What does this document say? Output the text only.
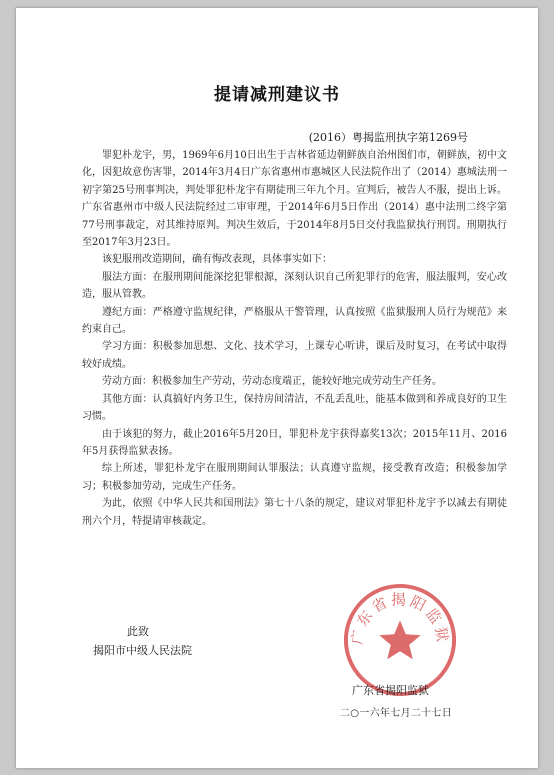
提请减刑建议书
(2016）粤揭监刑执字第1269号

罪犯朴龙宇，男，1969年6月10日出生于吉林省延边朝鲜族自治州图们市，朝鲜族，初中文化，因犯故意伤害罪，2014年3月4日广东省惠州市惠城区人民法院作出了（2014）惠城法刑一初字第25号刑事判决，判处罪犯朴龙宇有期徒刑三年九个月。宣判后，被告人不服，提出上诉。广东省惠州市中级人民法院经过二审审理，于2014年6月5日作出（2014）惠中法刑二终字第77号刑事裁定，对其维持原判。判决生效后，于2014年8月5日交付我监狱执行刑罚。刑期执行至2017年3月23日。

该犯服刑改造期间，确有悔改表现，具体事实如下：

服法方面：在服刑期间能深挖犯罪根源，深刻认识自己所犯罪行的危害，服法服判，安心改造，服从管教。

遵纪方面：严格遵守监规纪律，严格服从干警管理，认真按照《监狱服刑人员行为规范》来约束自己。

学习方面：积极参加思想、文化、技术学习，上课专心听讲，课后及时复习，在考试中取得较好成绩。

劳动方面：积极参加生产劳动，劳动态度端正，能较好地完成劳动生产任务。

其他方面：认真搞好内务卫生，保持房间清洁，不乱丢乱吐，能基本做到和养成良好的卫生习惯。

由于该犯的努力，截止2016年5月20日，罪犯朴龙宇获得嘉奖13次；2015年11月、2016年5月获得监狱表扬。

综上所述，罪犯朴龙宇在服刑期间认罪服法；认真遵守监规，接受教育改造；积极参加学习；积极参加劳动，完成生产任务。

为此，依照《中华人民共和国刑法》第七十八条的规定，建议对罪犯朴龙宇予以减去有期徒刑六个月，特提请审核裁定。

此致
揭阳市中级人民法院
广东省揭阳监狱
广东省揭阳监狱
二○一六年七月二十七日
